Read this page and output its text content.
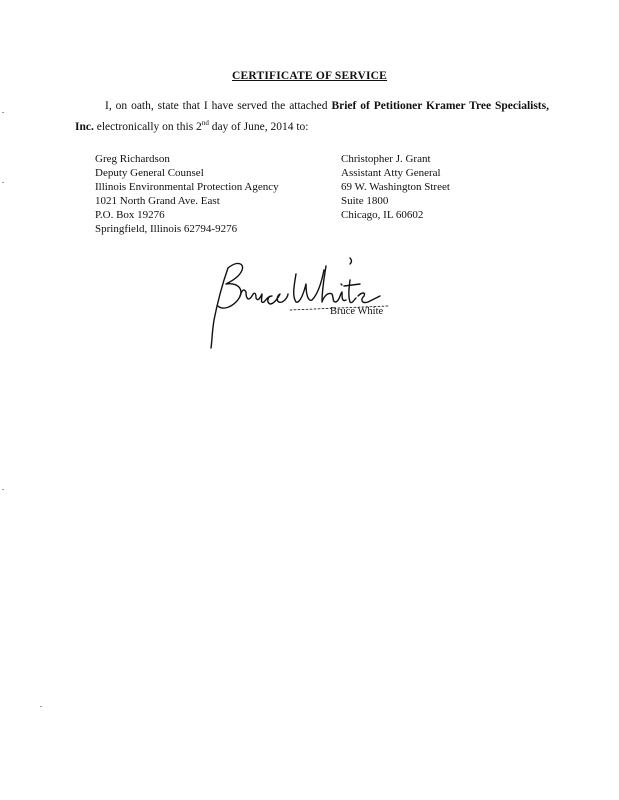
CERTIFICATE OF SERVICE
I, on oath, state that I have served the attached Brief of Petitioner Kramer Tree Specialists, Inc. electronically on this 2nd day of June, 2014 to:
Greg Richardson
Deputy General Counsel
Illinois Environmental Protection Agency
1021 North Grand Ave. East
P.O. Box 19276
Springfield, Illinois 62794-9276
Christopher J. Grant
Assistant Atty General
69 W. Washington Street
Suite 1800
Chicago, IL 60602
Bruce White
